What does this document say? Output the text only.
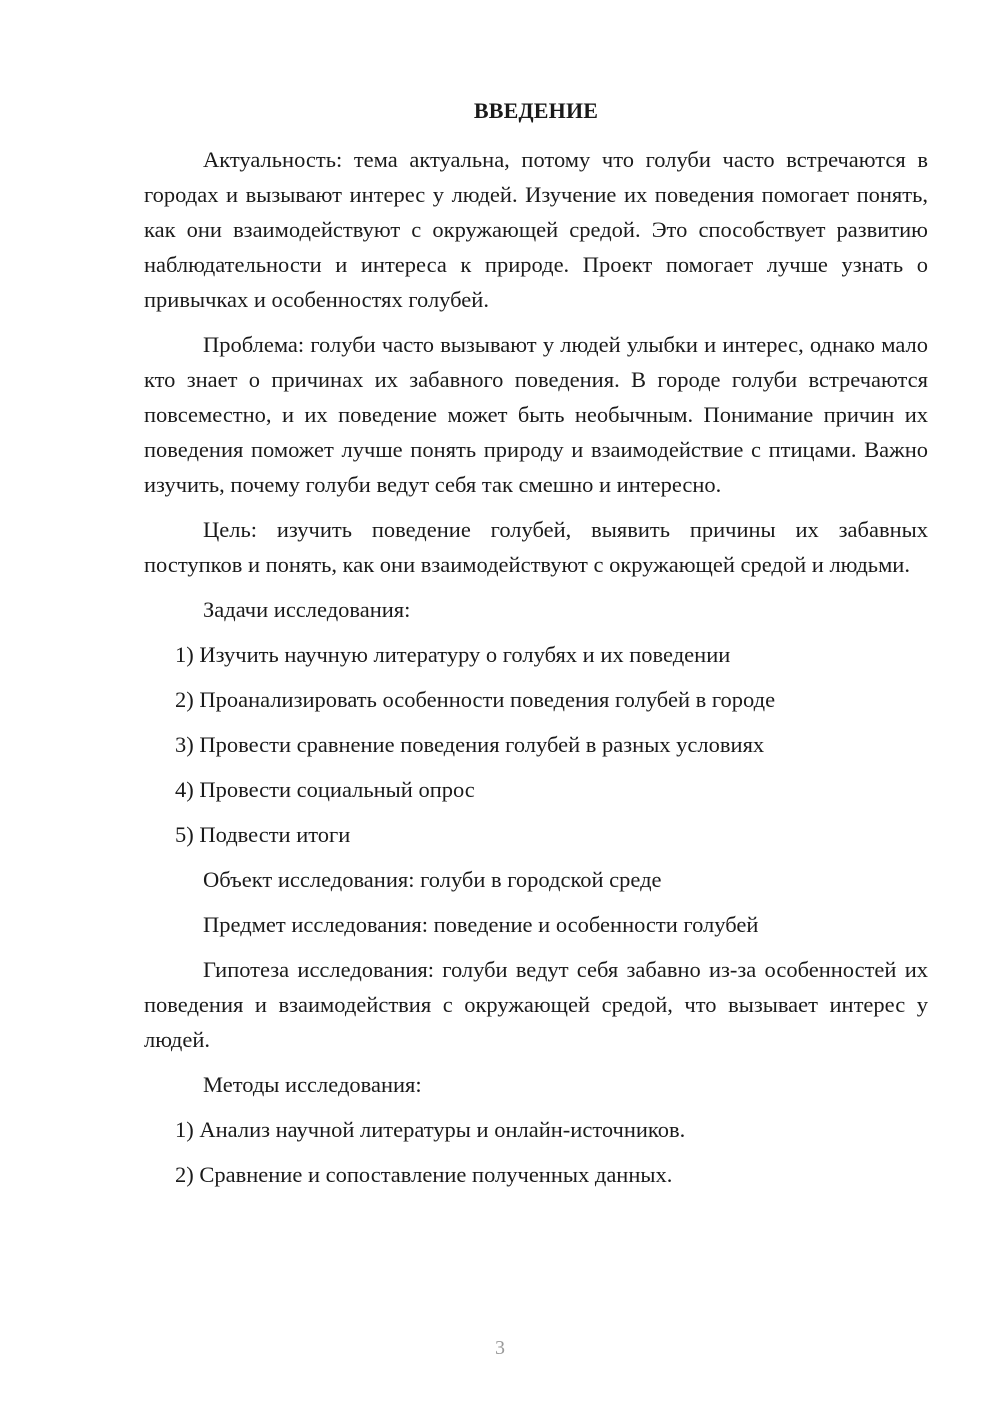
ВВЕДЕНИЕ

Актуальность: тема актуальна, потому что голуби часто встречаются в городах и вызывают интерес у людей. Изучение их поведения помогает понять, как они взаимодействуют с окружающей средой. Это способствует развитию наблюдательности и интереса к природе. Проект помогает лучше узнать о привычках и особенностях голубей.

Проблема: голуби часто вызывают у людей улыбки и интерес, однако мало кто знает о причинах их забавного поведения. В городе голуби встречаются повсеместно, и их поведение может быть необычным. Понимание причин их поведения поможет лучше понять природу и взаимодействие с птицами. Важно изучить, почему голуби ведут себя так смешно и интересно.

Цель: изучить поведение голубей, выявить причины их забавных поступков и понять, как они взаимодействуют с окружающей средой и людьми.

Задачи исследования:

1) Изучить научную литературу о голубях и их поведении

2) Проанализировать особенности поведения голубей в городе

3) Провести сравнение поведения голубей в разных условиях

4) Провести социальный опрос

5) Подвести итоги

Объект исследования: голуби в городской среде

Предмет исследования: поведение и особенности голубей

Гипотеза исследования: голуби ведут себя забавно из-за особенностей их поведения и взаимодействия с окружающей средой, что вызывает интерес у людей.

Методы исследования:

1) Анализ научной литературы и онлайн-источников.

2) Сравнение и сопоставление полученных данных.

3
